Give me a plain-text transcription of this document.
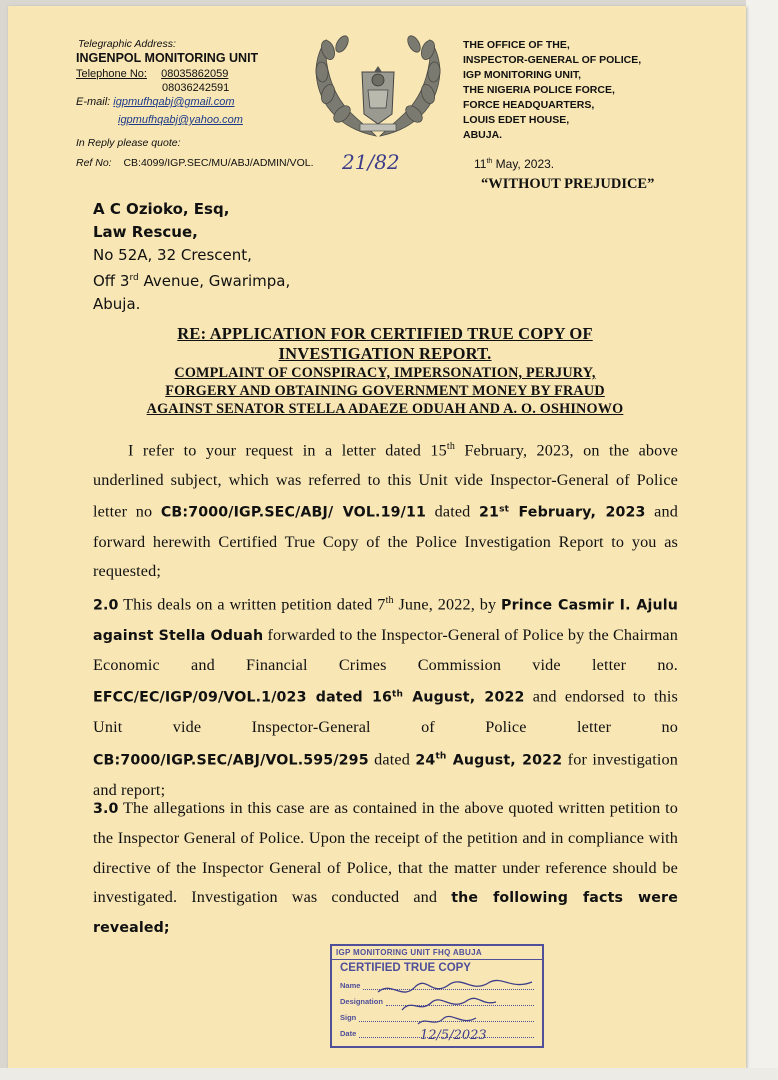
Telegraphic Address:
INGENPOL MONITORING UNIT
Telephone No: 08035862059
08036242591
E-mail: igpmufhqabj@gmail.com
igpmufhqabj@yahoo.com
In Reply please quote:
Ref No: CB:4099/IGP.SEC/MU/ABJ/ADMIN/VOL. 21/82
THE OFFICE OF THE,
INSPECTOR-GENERAL OF POLICE,
IGP MONITORING UNIT,
THE NIGERIA POLICE FORCE,
FORCE HEADQUARTERS,
LOUIS EDET HOUSE,
ABUJA.
11th May, 2023.
“WITHOUT PREJUDICE”
A C Ozioko, Esq,
Law Rescue,
No 52A, 32 Crescent,
Off 3rd Avenue, Gwarimpa,
Abuja.
RE: APPLICATION FOR CERTIFIED TRUE COPY OF
INVESTIGATION REPORT.
COMPLAINT OF CONSPIRACY, IMPERSONATION, PERJURY,
FORGERY AND OBTAINING GOVERNMENT MONEY BY FRAUD
AGAINST SENATOR STELLA ADAEZE ODUAH AND A. O. OSHINOWO
I refer to your request in a letter dated 15th February, 2023, on the above underlined subject, which was referred to this Unit vide Inspector-General of Police letter no CB:7000/IGP.SEC/ABJ/ VOL.19/11 dated 21st February, 2023 and forward herewith Certified True Copy of the Police Investigation Report to you as requested;
2.0 This deals on a written petition dated 7th June, 2022, by Prince Casmir I. Ajulu against Stella Oduah forwarded to the Inspector-General of Police by the Chairman Economic and Financial Crimes Commission vide letter no. EFCC/EC/IGP/09/VOL.1/023 dated 16th August, 2022 and endorsed to this Unit vide Inspector-General of Police letter no CB:7000/IGP.SEC/ABJ/VOL.595/295 dated 24th August, 2022 for investigation and report;
3.0 The allegations in this case are as contained in the above quoted written petition to the Inspector General of Police. Upon the receipt of the petition and in compliance with directive of the Inspector General of Police, that the matter under reference should be investigated. Investigation was conducted and the following facts were revealed;
IGP MONITORING UNIT FHQ ABUJA
CERTIFIED TRUE COPY
Name
Designation
Sign
Date	12/5/2023
